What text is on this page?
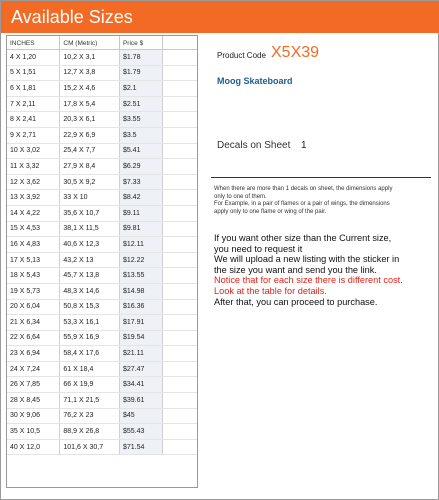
Available Sizes
INCHES	CM (Metric)	Price $	
4 X 1,20	10,2 X 3,1	$1.78	
5 X 1,51	12,7 X 3,8	$1.79	
6 X 1,81	15,2 X 4,6	$2.1	
7 X 2,11	17,8 X 5,4	$2.51	
8 X 2,41	20,3 X 6,1	$3.55	
9 X 2,71	22,9 X 6,9	$3.5	
10 X 3,02	25,4 X 7,7	$5.41	
11 X 3,32	27,9 X 8,4	$6.29	
12 X 3,62	30,5 X 9,2	$7.33	
13 X 3,92	33 X 10	$8.42	
14 X 4,22	35,6 X 10,7	$9.11	
15 X 4,53	38,1 X 11,5	$9.81	
16 X 4,83	40,6 X 12,3	$12.11	
17 X 5,13	43,2 X 13	$12.22	
18 X 5,43	45,7 X 13,8	$13.55	
19 X 5,73	48,3 X 14,6	$14.98	
20 X 6,04	50,8 X 15,3	$16.36	
21 X 6,34	53,3 X 16,1	$17.91	
22 X 6,64	55,9 X 16,9	$19.54	
23 X 6,94	58,4 X 17,6	$21.11	
24 X 7,24	61 X 18,4	$27.47	
26 X 7,85	66 X 19,9	$34.41	
28 X 8,45	71,1 X 21,5	$39.61	
30 X 9,06	76,2 X 23	$45	
35 X 10,5	88,9 X 26,8	$55.43	
40 X 12,0	101,6 X 30,7	$71.54	
Product Code X5X39
Moog Skateboard
Decals on Sheet 1
When there are more than 1 decals on sheet, the dimensions apply
only to one of them.
For Example, in a pair of flames or a pair of wings, the dimensions
apply only to one flame or wing of the pair.
If you want other size than the Current size,
you need to request it
We will upload a new listing with the sticker in
the size you want and send you the link.
Notice that for each size there is different cost.
Look at the table for details.
After that, you can proceed to purchase.
